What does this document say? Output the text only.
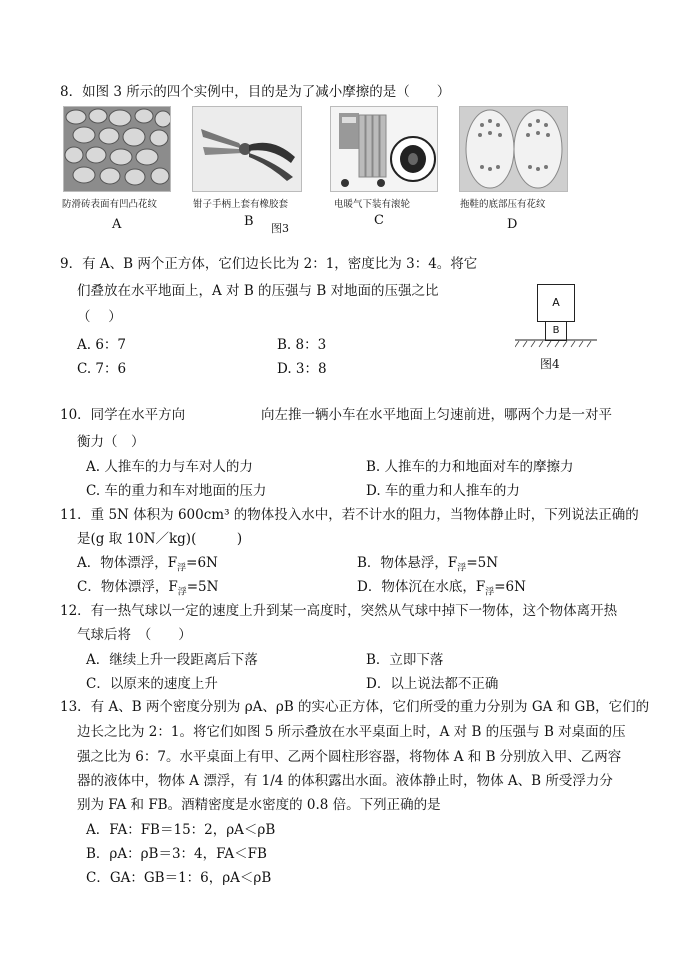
8．如图 3 所示的四个实例中，目的是为了减小摩擦的是（　　）
防滑砖表面有凹凸花纹	钳子手柄上套有橡胶套	电暖气下装有滚轮	拖鞋的底部压有花纹
A	B	C	D
图3
9．有 A、B 两个正方体，它们边长比为 2：1，密度比为 3：4。将它
们叠放在水平地面上，A 对 B 的压强与 B 对地面的压强之比
（　 ）
A. 6：7	B. 8：3
C. 7：6	D. 3：8
A
B
图4
10．同学在水平方向	向左推一辆小车在水平地面上匀速前进，哪两个力是一对平
衡力（　）
A. 人推车的力与车对人的力	B. 人推车的力和地面对车的摩擦力
C. 车的重力和车对地面的压力	D. 车的重力和人推车的力
11．重 5N 体积为 600cm³ 的物体投入水中，若不计水的阻力，当物体静止时，下列说法正确的
是(g 取 10N／kg)(　　　)
A．物体漂浮，$F_浮=6N$	B．物体悬浮，$F_浮=5N$
C．物体漂浮，$F_浮=5N$	D．物体沉在水底，$F_浮=6N$
12．有一热气球以一定的速度上升到某一高度时，突然从气球中掉下一物体，这个物体离开热
气球后将　（　　）
A．继续上升一段距离后下落	B．立即下落
C．以原来的速度上升	D．以上说法都不正确
13．有 A、B 两个密度分别为 ρA、ρB 的实心正方体，它们所受的重力分别为 GA 和 GB，它们的
边长之比为 2：1。将它们如图 5 所示叠放在水平桌面上时，A 对 B 的压强与 B 对桌面的压
强之比为 6：7。水平桌面上有甲、乙两个圆柱形容器，将物体 A 和 B 分别放入甲、乙两容
器的液体中，物体 A 漂浮，有 1/4 的体积露出水面。液体静止时，物体 A、B 所受浮力分
别为 FA 和 FB。酒精密度是水密度的 0.8 倍。下列正确的是
A．FA：FB＝15：2，ρA＜ρB
B．ρA：ρB＝3：4，FA＜FB
C．GA：GB＝1：6，ρA＜ρB
